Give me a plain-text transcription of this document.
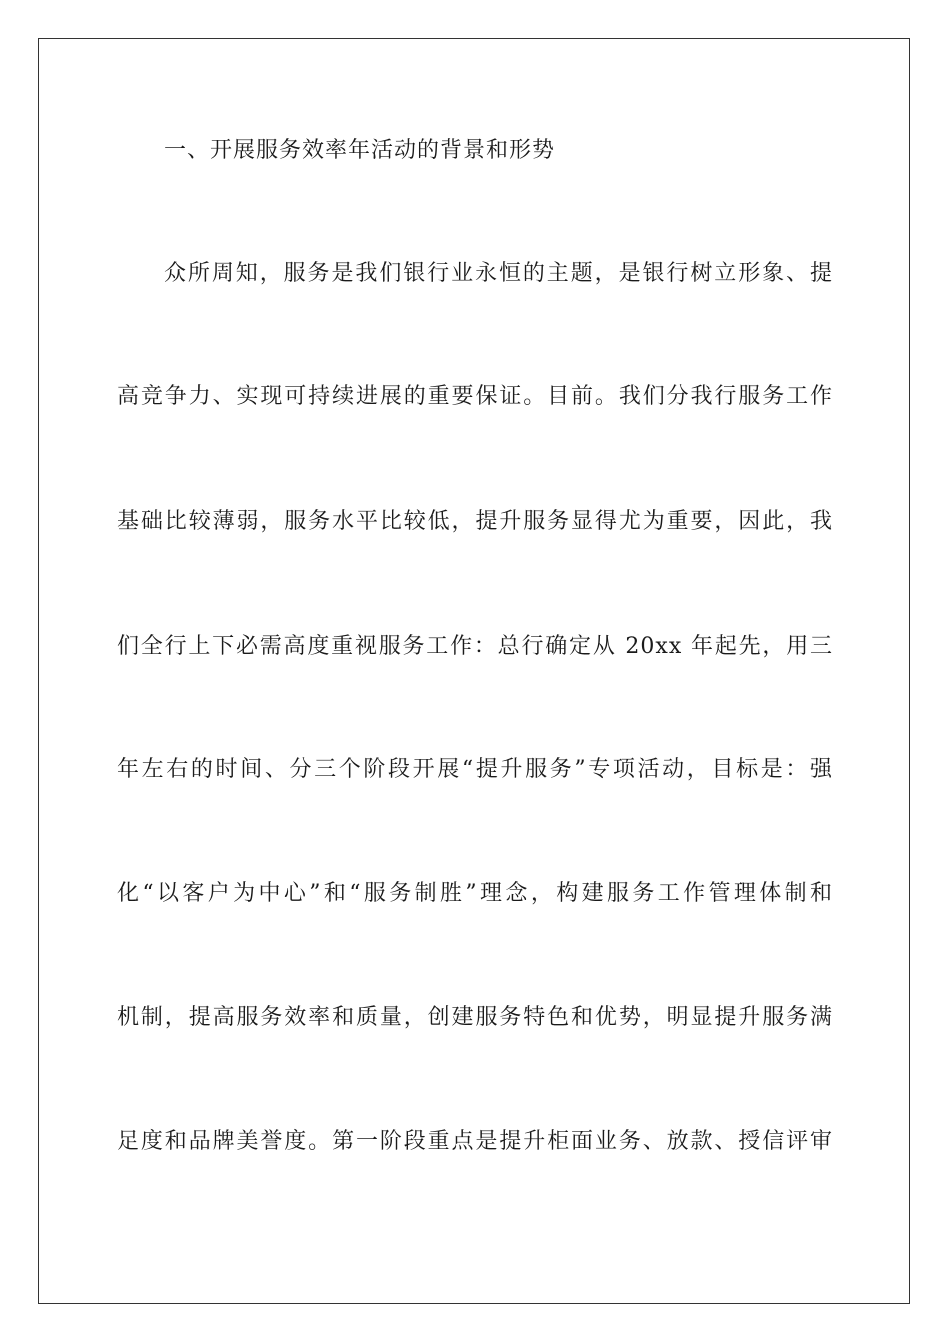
一、开展服务效率年活动的背景和形势
众所周知，服务是我们银行业永恒的主题，是银行树立形象、提
高竞争力、实现可持续进展的重要保证。目前。我们分我行服务工作
基础比较薄弱，服务水平比较低，提升服务显得尤为重要，因此，我
们全行上下必需高度重视服务工作：总行确定从 20xx 年起先，用三
年左右的时间、分三个阶段开展“提升服务”专项活动，目标是：强
化“以客户为中心”和“服务制胜”理念，构建服务工作管理体制和
机制，提高服务效率和质量，创建服务特色和优势，明显提升服务满
足度和品牌美誉度。第一阶段重点是提升柜面业务、放款、授信评审
